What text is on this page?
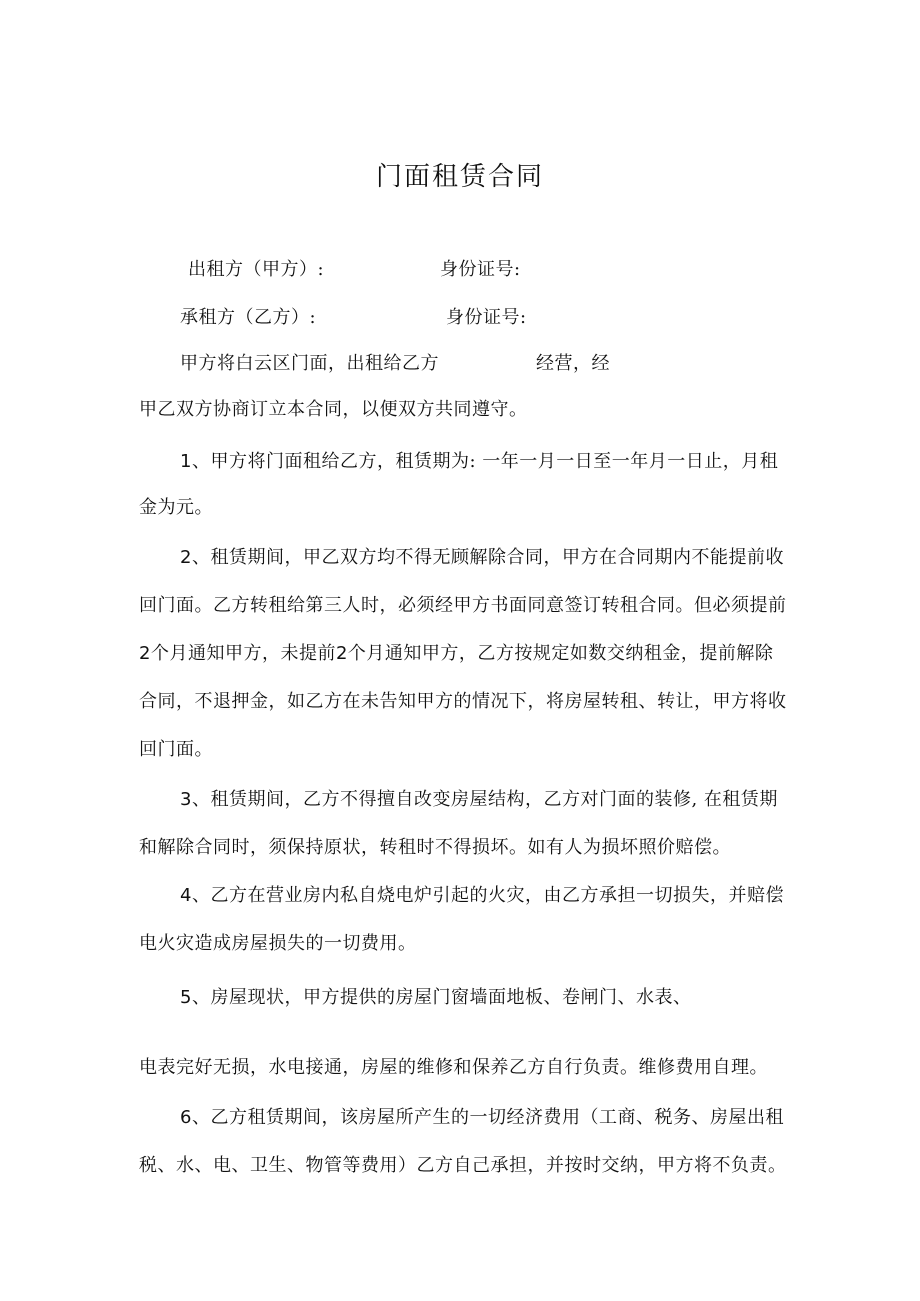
门面租赁合同
出租方（甲方）:	身份证号:
承租方（乙方）:	身份证号:
甲方将白云区门面，出租给乙方	经营，经
甲乙双方协商订立本合同，以便双方共同遵守。
1、甲方将门面租给乙方，租赁期为: 一年一月一日至一年月一日止，月租
金为元。
2、租赁期间，甲乙双方均不得无顾解除合同，甲方在合同期内不能提前收
回门面。乙方转租给第三人时，必须经甲方书面同意签订转租合同。但必须提前
2个月通知甲方，未提前2个月通知甲方，乙方按规定如数交纳租金，提前解除
合同，不退押金，如乙方在未告知甲方的情况下，将房屋转租、转让，甲方将收
回门面。
3、租赁期间，乙方不得擅自改变房屋结构，乙方对门面的装修, 在租赁期
和解除合同时，须保持原状，转租时不得损坏。如有人为损坏照价赔偿。
4、乙方在营业房内私自烧电炉引起的火灾，由乙方承担一切损失，并赔偿
电火灾造成房屋损失的一切费用。
5、房屋现状，甲方提供的房屋门窗墙面地板、卷闸门、水表、
电表完好无损，水电接通，房屋的维修和保养乙方自行负责。维修费用自理。
6、乙方租赁期间，该房屋所产生的一切经济费用（工商、税务、房屋出租
税、水、电、卫生、物管等费用）乙方自己承担，并按时交纳，甲方将不负责。
